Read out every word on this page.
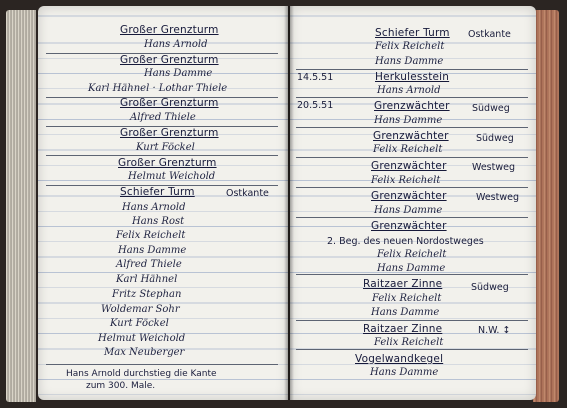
Großer Grenzturm
Hans Arnold
Großer Grenzturm
Hans Damme
Karl Hähnel · Lothar Thiele
Großer Grenzturm
Alfred Thiele
Großer Grenzturm
Kurt Föckel
Großer Grenzturm
Helmut Weichold
Schiefer Turm	Ostkante
Hans Arnold
Hans Rost
Felix Reichelt
Hans Damme
Alfred Thiele
Karl Hähnel
Fritz Stephan
Woldemar Sohr
Kurt Föckel
Helmut Weichold
Max Neuberger
Hans Arnold durchstieg die Kante
zum 300. Male.
Schiefer Turm Ostkante
Felix Reichelt
Hans Damme
14.5.51	Herkulesstein
Hans Arnold
20.5.51	Grenzwächter Südweg
Hans Damme
Grenzwächter	Südweg
Felix Reichelt
Grenzwächter	Westweg
Felix Reichelt
Grenzwächter	Westweg
Hans Damme
Grenzwächter
2. Beg. des neuen Nordostweges
Felix Reichelt
Hans Damme
Raitzaer Zinne	Südweg
Felix Reichelt
Hans Damme
Raitzaer Zinne	N.W. ↕
Felix Reichelt
Vogelwandkegel
Hans Damme
